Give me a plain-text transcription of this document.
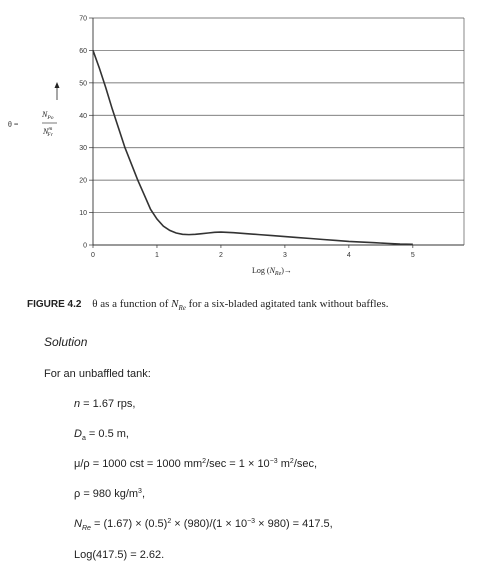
0
10
20
30
40
50
60
70
0	1	2	3	4	5
Log $(N_{Re})\to$
θ =
$N_{Po}$
$N^m$ Fr
FIGURE 4.2 θ as a function of $N_{Re}$ for a six-bladed agitated tank without baffles.
Solution
For an unbaffled tank:
n = 1.67 rps,
$D_a = 0.5$ m,
μ/ρ = 1000 cst = 1000 $mm^2/\sec = 1 \times 10^{-3}$ $m^2/\sec$,
ρ = 980 $kg/m^3$,
$N_{Re} = (1.67) \times (0.5)^2 \times (980)/(1 \times 10^{-3} \times 980) = 417.5$,
Log(417.5) = 2.62.
